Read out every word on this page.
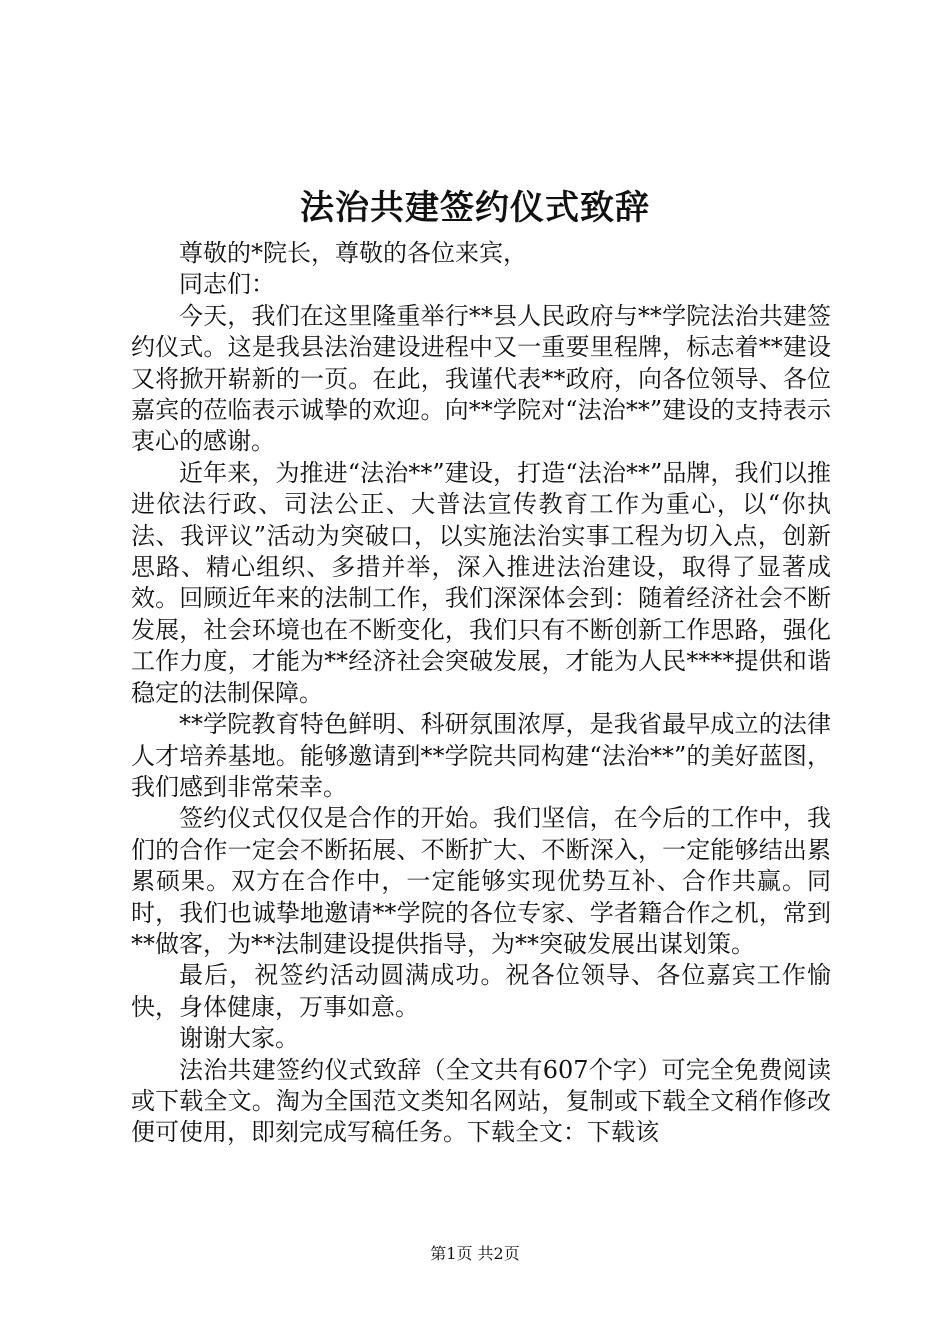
法治共建签约仪式致辞

尊敬的*院长，尊敬的各位来宾，

同志们：

今天，我们在这里隆重举行**县人民政府与**学院法治共建签约仪式。这是我县法治建设进程中又一重要里程牌，标志着**建设又将掀开崭新的一页。在此，我谨代表**政府，向各位领导、各位嘉宾的莅临表示诚挚的欢迎。向**学院对“法治**”建设的支持表示衷心的感谢。

近年来，为推进“法治**”建设，打造“法治**”品牌，我们以推进依法行政、司法公正、大普法宣传教育工作为重心，以“你执法、我评议”活动为突破口，以实施法治实事工程为切入点，创新思路、精心组织、多措并举，深入推进法治建设，取得了显著成效。回顾近年来的法制工作，我们深深体会到：随着经济社会不断发展，社会环境也在不断变化，我们只有不断创新工作思路，强化工作力度，才能为**经济社会突破发展，才能为人民****提供和谐稳定的法制保障。

**学院教育特色鲜明、科研氛围浓厚，是我省最早成立的法律人才培养基地。能够邀请到**学院共同构建“法治**”的美好蓝图，我们感到非常荣幸。

签约仪式仅仅是合作的开始。我们坚信，在今后的工作中，我们的合作一定会不断拓展、不断扩大、不断深入，一定能够结出累累硕果。双方在合作中，一定能够实现优势互补、合作共赢。同时，我们也诚挚地邀请**学院的各位专家、学者籍合作之机，常到**做客，为**法制建设提供指导，为**突破发展出谋划策。

最后，祝签约活动圆满成功。祝各位领导、各位嘉宾工作愉快，身体健康，万事如意。

谢谢大家。

法治共建签约仪式致辞（全文共有607个字）可完全免费阅读或下载全文。淘为全国范文类知名网站，复制或下载全文稍作修改便可使用，即刻完成写稿任务。下载全文：下载该

第1页 共2页
